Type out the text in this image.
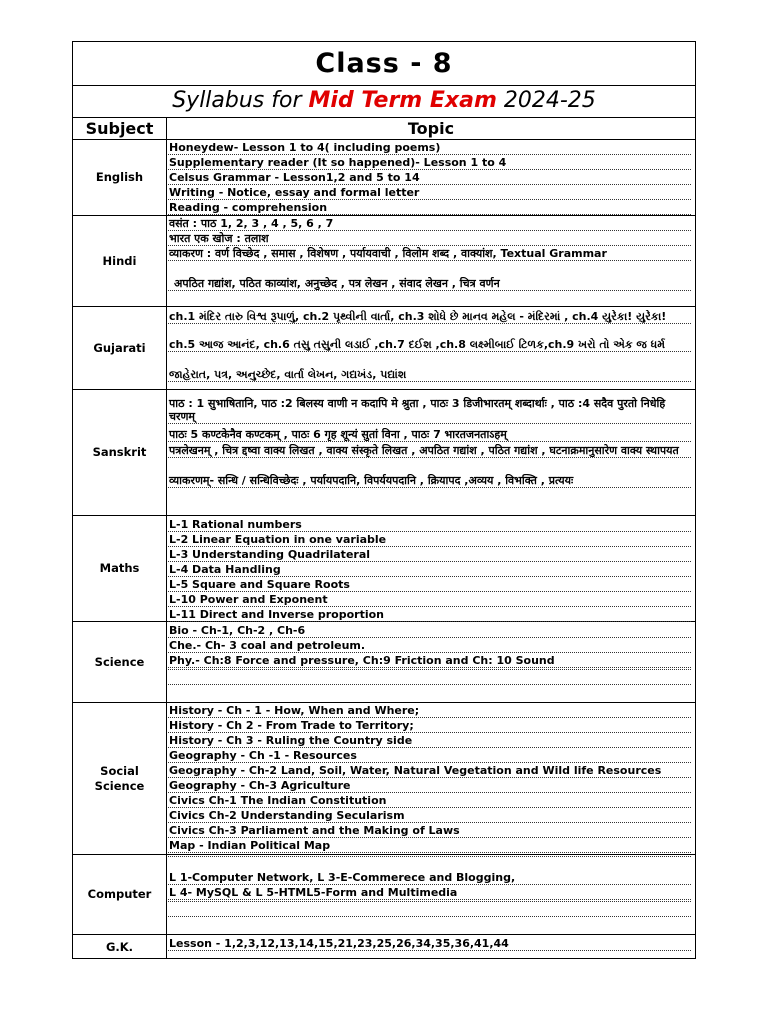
Class - 8
Syllabus for Mid Term Exam 2024-25
Subject	Topic
English
Honeydew- Lesson 1 to 4( including poems)
Supplementary reader (It so happened)- Lesson 1 to 4
Celsus Grammar - Lesson1,2 and 5 to 14
Writing - Notice, essay and formal letter
Reading - comprehension
Hindi
वसंत : पाठ 1, 2, 3 , 4 , 5, 6 , 7
भारत एक खोज : तलाश
व्याकरण : वर्ण विच्छेद , समास , विशेषण , पर्यायवाची , विलोम शब्द , वाक्यांश, Textual Grammar
अपठित गद्यांश, पठित काव्यांश, अनुच्छेद , पत्र लेखन , संवाद लेखन , चित्र वर्णन
Gujarati
ch.1 મંદિર તારુ વિશ્વ રૂપાળું, ch.2 પૃથ્વીની વાર્તા, ch.3 શોધે છે માનવ મહેલ - મંદિરમાં , ch.4 યુરેકા! યુરેકા!
ch.5 આજ આનંદ, ch.6 તસુ તસુની લડાઈ ,ch.7 દઈશ ,ch.8 લક્ષ્મીબાઈ ટિળક,ch.9 ખરો તો એક જ ધર્મ
જાહેરાત, પત્ર, અનુચ્છેદ, વાર્તા લેખન, ગદ્યખંડ, પદ્યાંશ
Sanskrit
पाठ : 1 सुभाषितानि, पाठ :2 बिलस्य वाणी न कदापि मे श्रुता , पाठः 3 डिजीभारतम् शब्दार्थाः , पाठ :4 सदैव पुरतो निधेहि चरणम्
पाठः 5 कण्टकेनैव कण्टकम् , पाठः 6 गृह शून्यं सुतां विना , पाठः 7 भारतजनताऽहम्
पत्रलेखनम् , चित्र द्दष्वा वाक्य लिखत , वाक्य संस्कृते लिखत , अपठित गद्यांश , पठित गद्यांश , घटनाक्रमानुसारेण वाक्य स्थापयत
व्याकरणम्- सन्धि / सन्धिविच्छेदः , पर्यायपदानि, विपर्ययपदानि , क्रियापद ,अव्यय , विभक्ति , प्रत्ययः
Maths
L-1 Rational numbers
L-2 Linear Equation in one variable
L-3 Understanding Quadrilateral
L-4 Data Handling
L-5 Square and Square Roots
L-10 Power and Exponent
L-11 Direct and Inverse proportion
Science
Bio - Ch-1, Ch-2 , Ch-6
Che.- Ch- 3 coal and petroleum.
Phy.- Ch:8 Force and pressure, Ch:9 Friction and Ch: 10 Sound
Social
Science
History - Ch - 1 - How, When and Where;
History - Ch 2 - From Trade to Territory;
History - Ch 3 - Ruling the Country side
Geography - Ch -1 - Resources
Geography - Ch-2 Land, Soil, Water, Natural Vegetation and Wild life Resources
Geography - Ch-3 Agriculture
Civics Ch-1 The Indian Constitution
Civics Ch-2 Understanding Secularism
Civics Ch-3 Parliament and the Making of Laws
Map - Indian Political Map
Computer
L 1-Computer Network, L 3-E-Commerece and Blogging,
L 4- MySQL & L 5-HTML5-Form and Multimedia
G.K.	Lesson - 1,2,3,12,13,14,15,21,23,25,26,34,35,36,41,44
